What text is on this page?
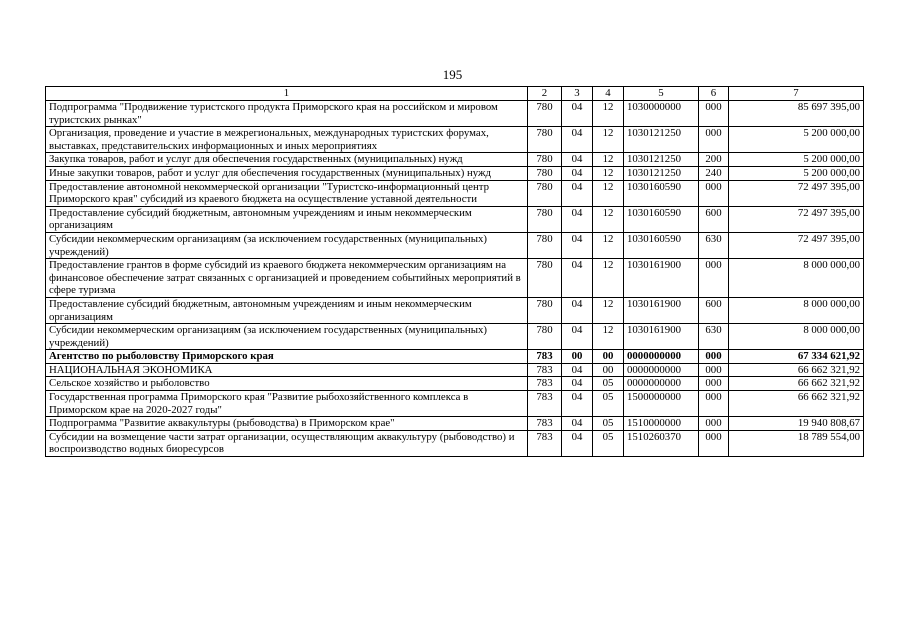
195
1	2	3	4	5	6	7
Подпрограмма "Продвижение туристского продукта Приморского края на российском и мировом туристских рынках"	780	04	12	1030000000	000	85 697 395,00
Организация, проведение и участие в межрегиональных, международных туристских форумах, выставках, представительских информационных и иных мероприятиях	780	04	12	1030121250	000	5 200 000,00
Закупка товаров, работ и услуг для обеспечения государственных (муниципальных) нужд	780	04	12	1030121250	200	5 200 000,00
Иные закупки товаров, работ и услуг для обеспечения государственных (муниципальных) нужд	780	04	12	1030121250	240	5 200 000,00
Предоставление автономной некоммерческой организации "Туристско-информационный центр Приморского края" субсидий из краевого бюджета на осуществление уставной деятельности	780	04	12	1030160590	000	72 497 395,00
Предоставление субсидий бюджетным, автономным учреждениям и иным некоммерческим организациям	780	04	12	1030160590	600	72 497 395,00
Субсидии некоммерческим организациям (за исключением государственных (муниципальных) учреждений)	780	04	12	1030160590	630	72 497 395,00
Предоставление грантов в форме субсидий из краевого бюджета некоммерческим организациям на финансовое обеспечение затрат связанных с организацией и проведением событийных мероприятий в сфере туризма	780	04	12	1030161900	000	8 000 000,00
Предоставление субсидий бюджетным, автономным учреждениям и иным некоммерческим организациям	780	04	12	1030161900	600	8 000 000,00
Субсидии некоммерческим организациям (за исключением государственных (муниципальных) учреждений)	780	04	12	1030161900	630	8 000 000,00
Агентство по рыболовству Приморского края	783	00	00	0000000000	000	67 334 621,92
НАЦИОНАЛЬНАЯ ЭКОНОМИКА	783	04	00	0000000000	000	66 662 321,92
Сельское хозяйство и рыболовство	783	04	05	0000000000	000	66 662 321,92
Государственная программа Приморского края "Развитие рыбохозяйственного комплекса в Приморском крае на 2020-2027 годы"	783	04	05	1500000000	000	66 662 321,92
Подпрограмма "Развитие аквакультуры (рыбоводства) в Приморском крае"	783	04	05	1510000000	000	19 940 808,67
Субсидии на возмещение части затрат организации, осуществляющим аквакультуру (рыбоводство) и воспроизводство водных биоресурсов	783	04	05	1510260370	000	18 789 554,00
